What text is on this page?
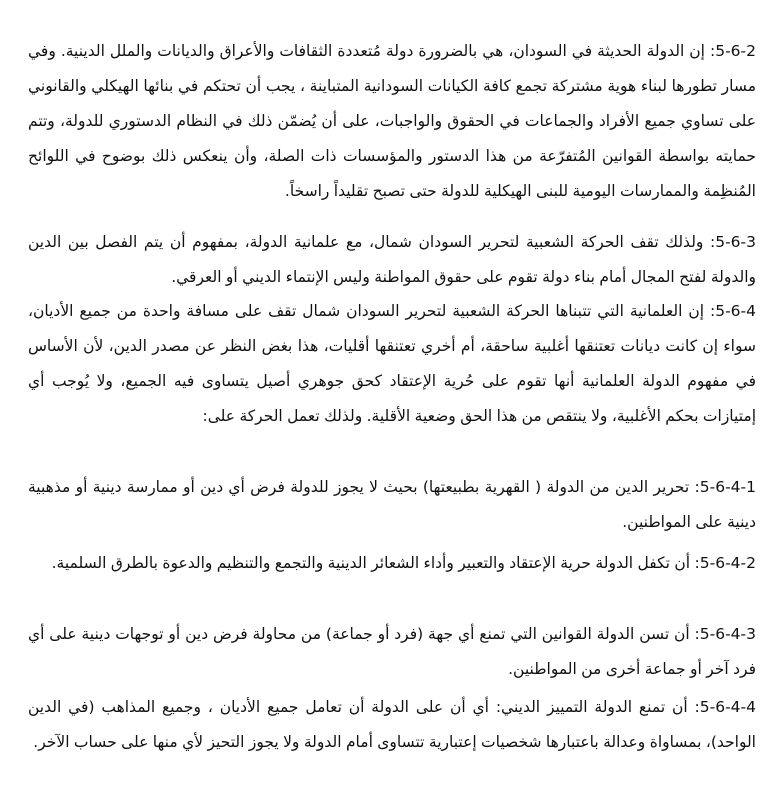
5-6-2: إن الدولة الحديثة في السودان، هي بالضرورة دولة مُتعددة الثقافات والأعراق والديانات والملل الدينية. وفي مسار تطورها لبناء هوية مشتركة تجمع كافة الكيانات السودانية المتباينة ، يجب أن تحتكم في بنائها الهيكلي والقانوني على تساوي جميع الأفراد والجماعات في الحقوق والواجبات، على أن يُضمّن ذلك في النظام الدستوري للدولة، وتتم حمايته بواسطة القوانين المُتفرّعة من هذا الدستور والمؤسسات ذات الصلة، وأن ينعكس ذلك بوضوح في اللوائح المُنظِمة والممارسات اليومية للبنى الهيكلية للدولة حتى تصبح تقليداً راسخاً.

5-6-3: ولذلك تقف الحركة الشعبية لتحرير السودان شمال، مع علمانية الدولة، بمفهوم أن يتم الفصل بين الدين والدولة لفتح المجال أمام بناء دولة تقوم على حقوق المواطنة وليس الإنتماء الديني أو العرقي.

5-6-4: إن العلمانية التي تتبناها الحركة الشعبية لتحرير السودان شمال تقف على مسافة واحدة من جميع الأديان، سواء إن كانت ديانات تعتنقها أغلبية ساحقة، أم أخري تعتنقها أقليات، هذا بغض النظر عن مصدر الدين، لأن الأساس في مفهوم الدولة العلمانية أنها تقوم على حُرية الإعتقاد كحق جوهري أصيل يتساوى فيه الجميع، ولا يُوجب أي إمتيازات بحكم الأغلبية، ولا ينتقص من هذا الحق وضعية الأقلية. ولذلك تعمل الحركة على:

5-6-4-1: تحرير الدين من الدولة ( القهرية بطبيعتها) بحيث لا يجوز للدولة فرض أي دين أو ممارسة دينية أو مذهبية دينية على المواطنين.

5-6-4-2: أن تكفل الدولة حرية الإعتقاد والتعبير وأداء الشعائر الدينية والتجمع والتنظيم والدعوة بالطرق السلمية.

5-6-4-3: أن تسن الدولة القوانين التي تمنع أي جهة (فرد أو جماعة) من محاولة فرض دين أو توجهات دينية على أي فرد آخر أو جماعة أخرى من المواطنين.

5-6-4-4: أن تمنع الدولة التمييز الديني: أي أن على الدولة أن تعامل جميع الأديان ، وجميع المذاهب (في الدين الواحد)، بمساواة وعدالة باعتبارها شخصيات إعتبارية تتساوى أمام الدولة ولا يجوز التحيز لأي منها على حساب الآخر.
